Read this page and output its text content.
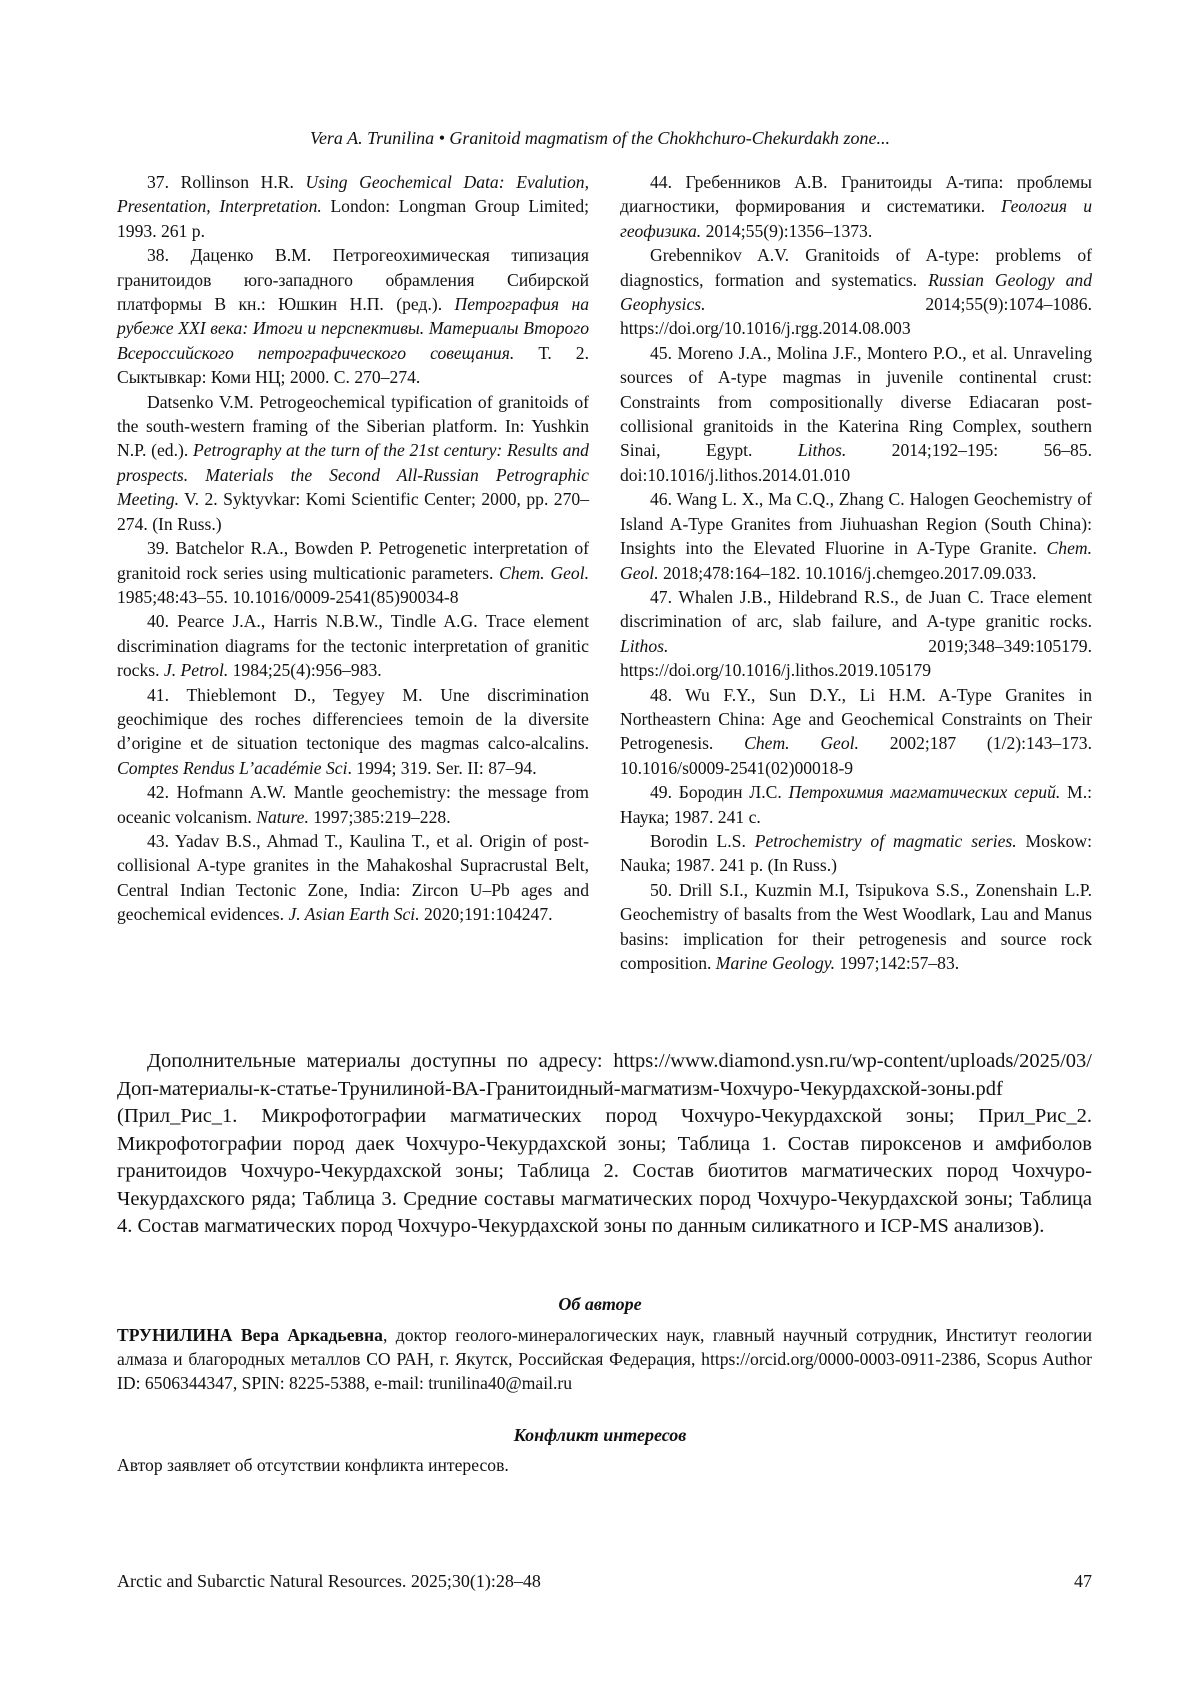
Vera A. Trunilina • Granitoid magmatism of the Chokhchuro-Chekurdakh zone...

37. Rollinson H.R. Using Geochemical Data: Evalution, Presentation, Interpretation. London: Longman Group Limited; 1993. 261 p.

38. Даценко В.М. Петрогеохимическая типизация гранитоидов юго-западного обрамления Сибирской платформы В кн.: Юшкин Н.П. (ред.). Петрография на рубеже XXI века: Итоги и перспективы. Материалы Второго Всероссийского петрографического совещания. Т. 2. Сыктывкар: Коми НЦ; 2000. С. 270–274.

Datsenko V.M. Petrogeochemical typification of granitoids of the south-western framing of the Siberian platform. In: Yushkin N.P. (ed.). Petrography at the turn of the 21st century: Results and prospects. Materials the Second All-Russian Petrographic Meeting. V. 2. Syktyvkar: Komi Scientific Center; 2000, pp. 270–274. (In Russ.)

39. Batchelor R.A., Bowden P. Petrogenetic interpretation of granitoid rock series using multicationic parameters. Chem. Geol. 1985;48:43–55. 10.1016/0009-2541(85)90034-8

40. Pearce J.A., Harris N.B.W., Tindle A.G. Trace element discrimination diagrams for the tectonic interpretation of granitic rocks. J. Petrol. 1984;25(4):956–983.

41. Thieblemont D., Tegyey M. Une discrimination geochimique des roches differenciees temoin de la diversite d’origine et de situation tectonique des magmas calco-alcalins. Comptes Rendus L’académie Sci. 1994; 319. Ser. II: 87–94.

42. Hofmann A.W. Mantle geochemistry: the message from oceanic volcanism. Nature. 1997;385:219–228.

43. Yadav B.S., Ahmad T., Kaulina T., et al. Origin of post-collisional A-type granites in the Mahakoshal Supracrustal Belt, Central Indian Tectonic Zone, India: Zircon U–Pb ages and geochemical evidences. J. Asian Earth Sci. 2020;191:104247.

44. Гребенников А.В. Гранитоиды А-типа: проблемы диагностики, формирования и систематики. Геология и геофизика. 2014;55(9):1356–1373.

Grebennikov A.V. Granitoids of A-type: problems of diagnostics, formation and systematics. Russian Geology and Geophysics. 2014;55(9):1074–1086. https://doi.org/10.1016/j.rgg.2014.08.003

45. Moreno J.A., Molina J.F., Montero P.O., et al. Unraveling sources of A-type magmas in juvenile continental crust: Constraints from compositionally diverse Ediacaran post-collisional granitoids in the Katerina Ring Complex, southern Sinai, Egypt. Lithos. 2014;192–195: 56–85. doi:10.1016/j.lithos.2014.01.010

46. Wang L. X., Ma C.Q., Zhang C. Halogen Geochemistry of Island A-Type Granites from Jiuhuashan Region (South China): Insights into the Elevated Fluorine in A-Type Granite. Chem. Geol. 2018;478:164–182. 10.1016/j.chemgeo.2017.09.033.

47. Whalen J.B., Hildebrand R.S., de Juan C. Trace element discrimination of arc, slab failure, and A-type granitic rocks. Lithos. 2019;348–349:105179. https://doi.org/10.1016/j.lithos.2019.105179

48. Wu F.Y., Sun D.Y., Li H.M. A-Type Granites in Northeastern China: Age and Geochemical Constraints on Their Petrogenesis. Chem. Geol. 2002;187 (1/2):143–173. 10.1016/s0009-2541(02)00018-9

49. Бородин Л.С. Петрохимия магматических серий. М.: Наука; 1987. 241 с.

Borodin L.S. Petrochemistry of magmatic series. Moskow: Nauka; 1987. 241 p. (In Russ.)

50. Drill S.I., Kuzmin M.I, Tsipukova S.S., Zonenshain L.P. Geochemistry of basalts from the West Woodlark, Lau and Manus basins: implication for their petrogenesis and source rock composition. Marine Geology. 1997;142:57–83.

Дополнительные материалы доступны по адресу: https://www.diamond.ysn.ru/wp-content/uploads/2025/03/Доп-материалы-к-статье-Трунилиной-ВА-Гранитоидный-магматизм-Чохчуро-Чекурдахской-зоны.pdf (Прил_Рис_1. Микрофотографии магматических пород Чохчуро-Чекурдахской зоны; Прил_Рис_2. Микрофотографии пород даек Чохчуро-Чекурдахской зоны; Таблица 1. Состав пироксенов и амфиболов гранитоидов Чохчуро-Чекурдахской зоны; Таблица 2. Состав биотитов магматических пород Чохчуро-Чекурдахского ряда; Таблица 3. Средние составы магматических пород Чохчуро-Чекурдахской зоны; Таблица 4. Состав магматических пород Чохчуро-Чекурдахской зоны по данным силикатного и ICP-MS анализов).

Об авторе

ТРУНИЛИНА Вера Аркадьевна, доктор геолого-минералогических наук, главный научный сотрудник, Институт геологии алмаза и благородных металлов СО РАН, г. Якутск, Российская Федерация, https://orcid.org/0000-0003-0911-2386, Scopus Author ID: 6506344347, SPIN: 8225-5388, e-mail: trunilina40@mail.ru

Конфликт интересов

Автор заявляет об отсутствии конфликта интересов.

Arctic and Subarctic Natural Resources. 2025;30(1):28–48	47
